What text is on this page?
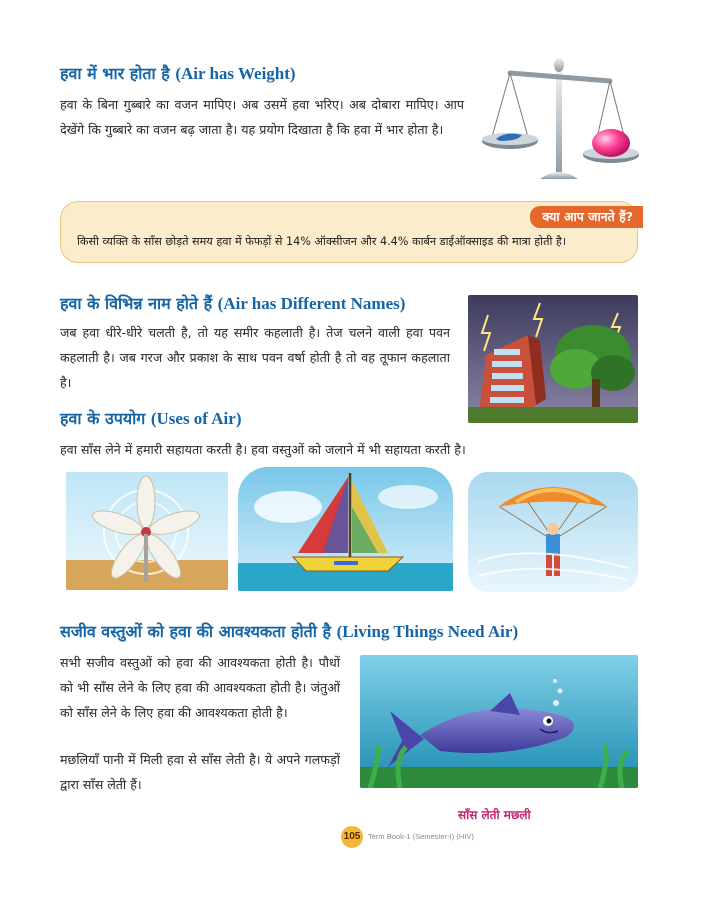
हवा में भार होता है (Air has Weight)
हवा के बिना गुब्बारे का वजन मापिए। अब उसमें हवा भरिए। अब दोबारा मापिए। आप देखेंगे कि गुब्बारे का वजन बढ़ जाता है। यह प्रयोग दिखाता है कि हवा में भार होता है।
क्या आप जानते हैं?
किसी व्यक्ति के साँस छोड़ते समय हवा में फेफड़ों से 14% ऑक्सीजन और 4.4% कार्बन डाईऑक्साइड की मात्रा होती है।
हवा के विभिन्न नाम होते हैं (Air has Different Names)
जब हवा धीरे-धीरे चलती है, तो यह समीर कहलाती है। तेज चलने वाली हवा पवन कहलाती है। जब गरज और प्रकाश के साथ पवन वर्षा होती है तो वह तूफान कहलाता है।
हवा के उपयोग (Uses of Air)
हवा साँस लेने में हमारी सहायता करती है। हवा वस्तुओं को जलाने में भी सहायता करती है।
सजीव वस्तुओं को हवा की आवश्यकता होती है (Living Things Need Air)
सभी सजीव वस्तुओं को हवा की आवश्यकता होती है। पौधों को भी साँस लेने के लिए हवा की आवश्यकता होती है। जंतुओं को साँस लेने के लिए हवा की आवश्यकता होती है।
मछलियाँ पानी में मिली हवा से साँस लेती है। ये अपने गलफड़ों द्वारा साँस लेती हैं।
साँस लेती मछली
105	Term Book-1 (Semester-I) (HIV)
